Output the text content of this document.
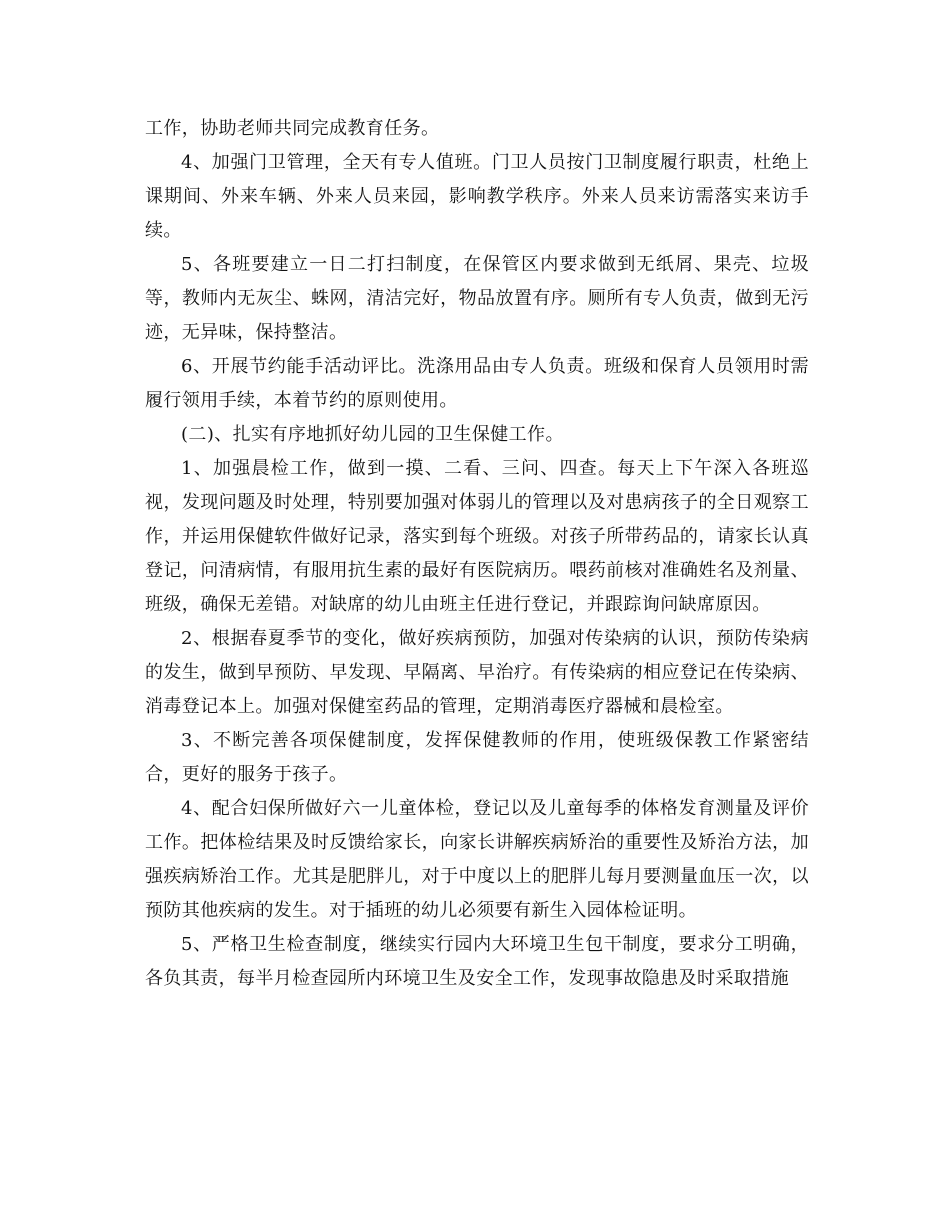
工作，协助老师共同完成教育任务。

4、加强门卫管理，全天有专人值班。门卫人员按门卫制度履行职责，杜绝上课期间、外来车辆、外来人员来园，影响教学秩序。外来人员来访需落实来访手续。

5、各班要建立一日二打扫制度，在保管区内要求做到无纸屑、果壳、垃圾等，教师内无灰尘、蛛网，清洁完好，物品放置有序。厕所有专人负责，做到无污迹，无异味，保持整洁。

6、开展节约能手活动评比。洗涤用品由专人负责。班级和保育人员领用时需履行领用手续，本着节约的原则使用。

(二)、扎实有序地抓好幼儿园的卫生保健工作。

1、加强晨检工作，做到一摸、二看、三问、四查。每天上下午深入各班巡视，发现问题及时处理，特别要加强对体弱儿的管理以及对患病孩子的全日观察工作，并运用保健软件做好记录，落实到每个班级。对孩子所带药品的，请家长认真登记，问清病情，有服用抗生素的最好有医院病历。喂药前核对准确姓名及剂量、班级，确保无差错。对缺席的幼儿由班主任进行登记，并跟踪询问缺席原因。

2、根据春夏季节的变化，做好疾病预防，加强对传染病的认识，预防传染病的发生，做到早预防、早发现、早隔离、早治疗。有传染病的相应登记在传染病、消毒登记本上。加强对保健室药品的管理，定期消毒医疗器械和晨检室。

3、不断完善各项保健制度，发挥保健教师的作用，使班级保教工作紧密结合，更好的服务于孩子。

4、配合妇保所做好六一儿童体检，登记以及儿童每季的体格发育测量及评价工作。把体检结果及时反馈给家长，向家长讲解疾病矫治的重要性及矫治方法，加强疾病矫治工作。尤其是肥胖儿，对于中度以上的肥胖儿每月要测量血压一次，以预防其他疾病的发生。对于插班的幼儿必须要有新生入园体检证明。

5、严格卫生检查制度，继续实行园内大环境卫生包干制度，要求分工明确，各负其责，每半月检查园所内环境卫生及安全工作，发现事故隐患及时采取措施
